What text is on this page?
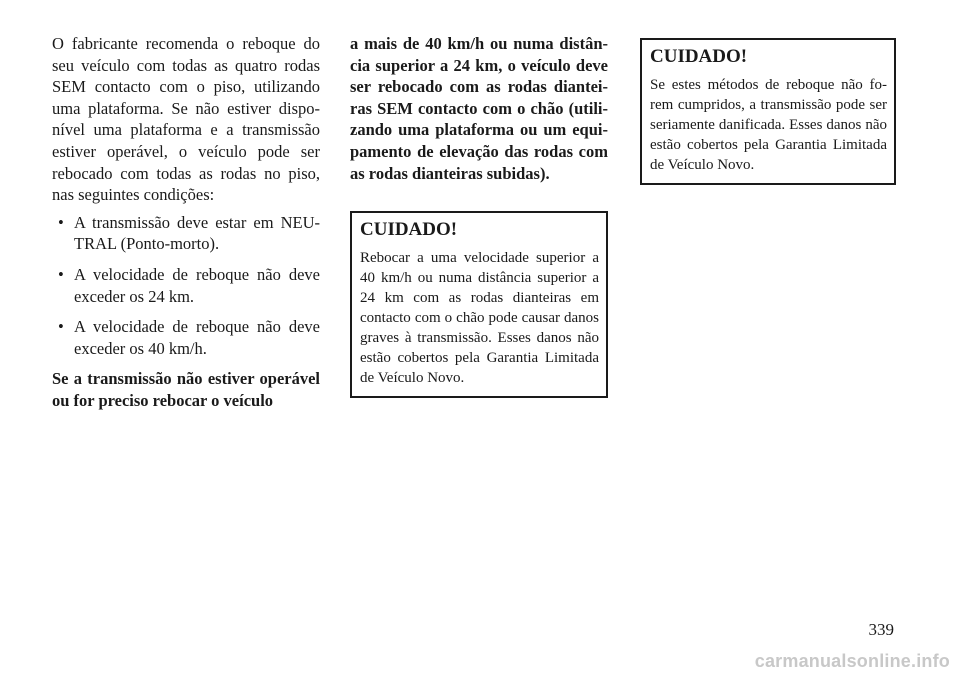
O fabricante recomenda o reboque do seu veículo com todas as quatro rodas SEM contacto com o piso, utilizando uma plataforma. Se não estiver disponível uma plataforma e a transmissão estiver operável, o veículo pode ser rebocado com todas as rodas no piso, nas seguintes condições:

• A transmissão deve estar em NEUTRAL (Ponto-morto).
• A velocidade de reboque não deve exceder os 24 km.
• A velocidade de reboque não deve exceder os 40 km/h.

Se a transmissão não estiver operável ou for preciso rebocar o veículo

a mais de 40 km/h ou numa distância superior a 24 km, o veículo deve ser rebocado com as rodas dianteiras SEM contacto com o chão (utilizando uma plataforma ou um equipamento de elevação das rodas com as rodas dianteiras subidas).

CUIDADO!

Rebocar a uma velocidade superior a 40 km/h ou numa distância superior a 24 km com as rodas dianteiras em contacto com o chão pode causar danos graves à transmissão. Esses danos não estão cobertos pela Garantia Limitada de Veículo Novo.

CUIDADO!

Se estes métodos de reboque não forem cumpridos, a transmissão pode ser seriamente danificada. Esses danos não estão cobertos pela Garantia Limitada de Veículo Novo.

339
carmanualsonline.info
